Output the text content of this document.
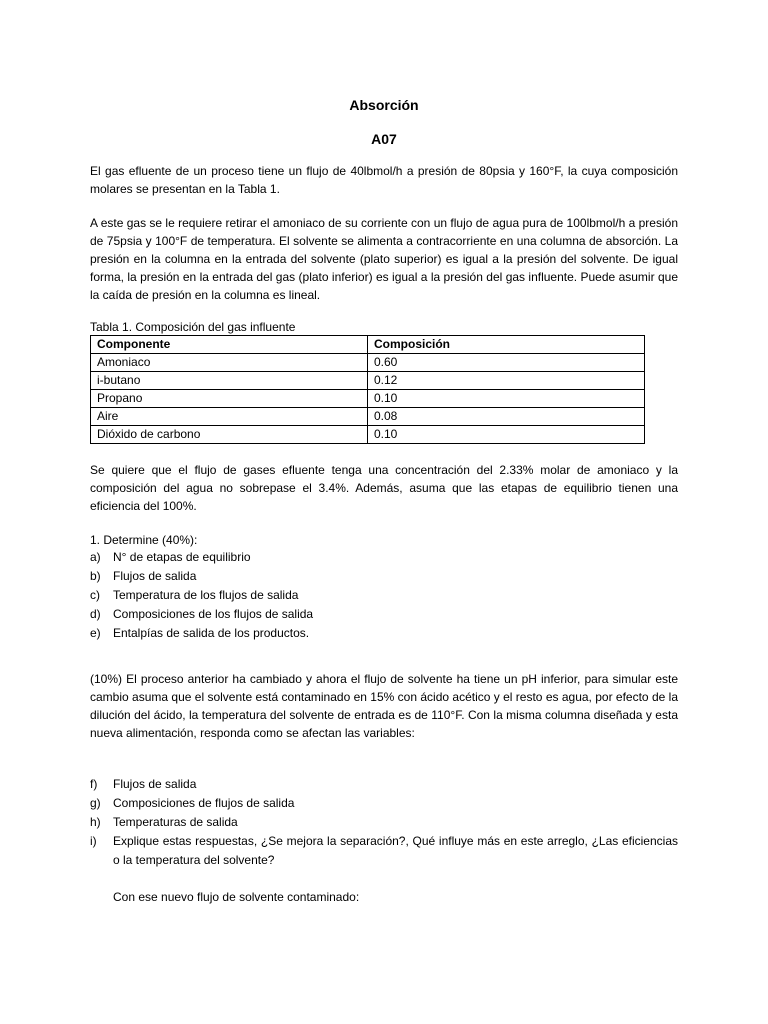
Absorción
A07

El gas efluente de un proceso tiene un flujo de 40lbmol/h a presión de 80psia y 160°F, la cuya composición molares se presentan en la Tabla 1.

A este gas se le requiere retirar el amoniaco de su corriente con un flujo de agua pura de 100lbmol/h a presión de 75psia y 100°F de temperatura. El solvente se alimenta a contracorriente en una columna de absorción. La presión en la columna en la entrada del solvente (plato superior) es igual a la presión del solvente. De igual forma, la presión en la entrada del gas (plato inferior) es igual a la presión del gas influente. Puede asumir que la caída de presión en la columna es lineal.

Tabla 1. Composición del gas influente
Componente	Composición
Amoniaco	0.60
i-butano	0.12
Propano	0.10
Aire	0.08
Dióxido de carbono	0.10

Se quiere que el flujo de gases efluente tenga una concentración del 2.33% molar de amoniaco y la composición del agua no sobrepase el 3.4%. Además, asuma que las etapas de equilibrio tienen una eficiencia del 100%.

1. Determine (40%):
a) N° de etapas de equilibrio
b) Flujos de salida
c) Temperatura de los flujos de salida
d) Composiciones de los flujos de salida
e) Entalpías de salida de los productos.

(10%) El proceso anterior ha cambiado y ahora el flujo de solvente ha tiene un pH inferior, para simular este cambio asuma que el solvente está contaminado en 15% con ácido acético y el resto es agua, por efecto de la dilución del ácido, la temperatura del solvente de entrada es de 110°F. Con la misma columna diseñada y esta nueva alimentación, responda como se afectan las variables:

f) Flujos de salida
g) Composiciones de flujos de salida
h) Temperaturas de salida
i) Explique estas respuestas, ¿Se mejora la separación?, Qué influye más en este arreglo, ¿Las eficiencias o la temperatura del solvente?
Con ese nuevo flujo de solvente contaminado:
